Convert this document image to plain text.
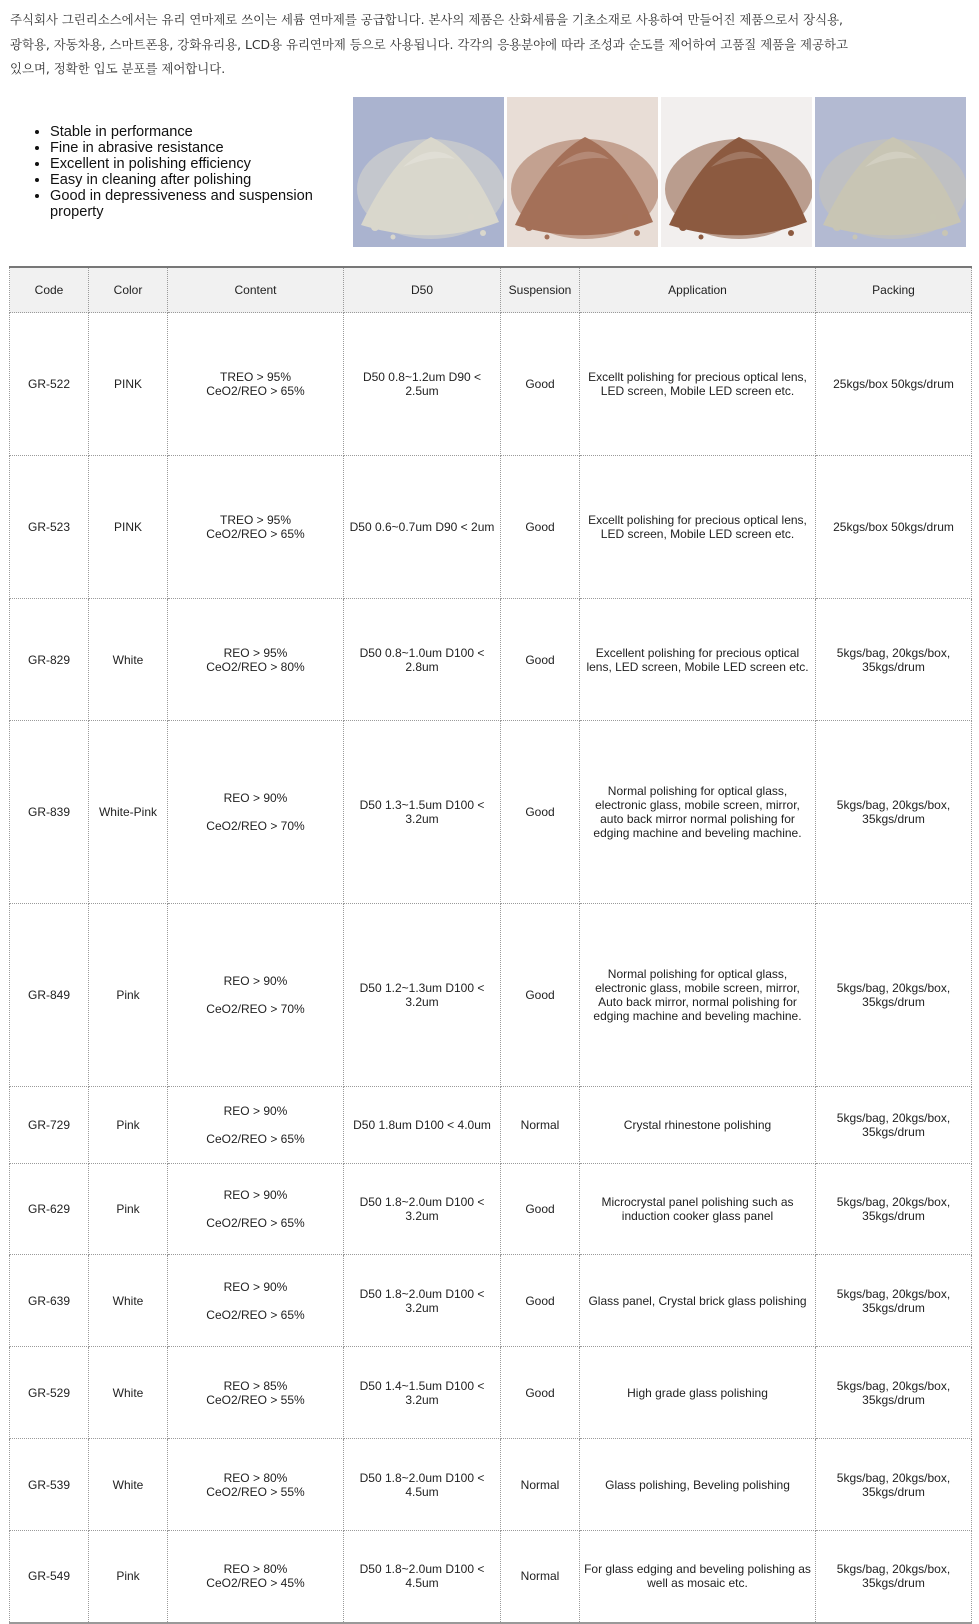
주식회사 그린리소스에서는 유리 연마제로 쓰이는 세륨 연마제를 공급합니다. 본사의 제품은 산화세륨을 기초소재로 사용하여 만들어진 제품으로서 장식용,

광학용, 자동차용, 스마트폰용, 강화유리용, LCD용 유리연마제 등으로 사용됩니다. 각각의 응용분야에 따라 조성과 순도를 제어하여 고품질 제품을 제공하고

있으며, 정확한 입도 분포를 제어합니다.

• Stable in performance
• Fine in abrasive resistance
• Excellent in polishing efficiency
• Easy in cleaning after polishing
• Good in depressiveness and suspension property
Code	Color	Content	D50	Suspension	Application	Packing
GR-522	PINK	TREO > 95%
CeO2/REO > 65%	D50 0.8~1.2um D90 < 2.5um	Good	Excellt polishing for precious optical lens, LED screen, Mobile LED screen etc.	25kgs/box 50kgs/drum
GR-523	PINK	TREO > 95%
CeO2/REO > 65%	D50 0.6~0.7um D90 < 2um	Good	Excellt polishing for precious optical lens, LED screen, Mobile LED screen etc.	25kgs/box 50kgs/drum
GR-829	White	REO > 95%
CeO2/REO > 80%	D50 0.8~1.0um D100 < 2.8um	Good	Excellent polishing for precious optical lens, LED screen, Mobile LED screen etc.	5kgs/bag, 20kgs/box, 35kgs/drum
GR-839	White-Pink	REO > 90%
CeO2/REO > 70%	D50 1.3~1.5um D100 < 3.2um	Good	Normal polishing for optical glass, electronic glass, mobile screen, mirror, auto back mirror normal polishing for edging machine and beveling machine.	5kgs/bag, 20kgs/box, 35kgs/drum
GR-849	Pink	REO > 90%
CeO2/REO > 70%	D50 1.2~1.3um D100 < 3.2um	Good	Normal polishing for optical glass, electronic glass, mobile screen, mirror, Auto back mirror, normal polishing for edging machine and beveling machine.	5kgs/bag, 20kgs/box, 35kgs/drum
GR-729	Pink	REO > 90%
CeO2/REO > 65%	D50 1.8um D100 < 4.0um	Normal	Crystal rhinestone polishing	5kgs/bag, 20kgs/box, 35kgs/drum
GR-629	Pink	REO > 90%
CeO2/REO > 65%	D50 1.8~2.0um D100 < 3.2um	Good	Microcrystal panel polishing such as induction cooker glass panel	5kgs/bag, 20kgs/box, 35kgs/drum
GR-639	White	REO > 90%
CeO2/REO > 65%	D50 1.8~2.0um D100 < 3.2um	Good	Glass panel, Crystal brick glass polishing	5kgs/bag, 20kgs/box, 35kgs/drum
GR-529	White	REO > 85%
CeO2/REO > 55%	D50 1.4~1.5um D100 < 3.2um	Good	High grade glass polishing	5kgs/bag, 20kgs/box, 35kgs/drum
GR-539	White	REO > 80%
CeO2/REO > 55%	D50 1.8~2.0um D100 < 4.5um	Normal	Glass polishing, Beveling polishing	5kgs/bag, 20kgs/box, 35kgs/drum
GR-549	Pink	REO > 80%
CeO2/REO > 45%	D50 1.8~2.0um D100 < 4.5um	Normal	For glass edging and beveling polishing as well as mosaic etc.	5kgs/bag, 20kgs/box, 35kgs/drum
